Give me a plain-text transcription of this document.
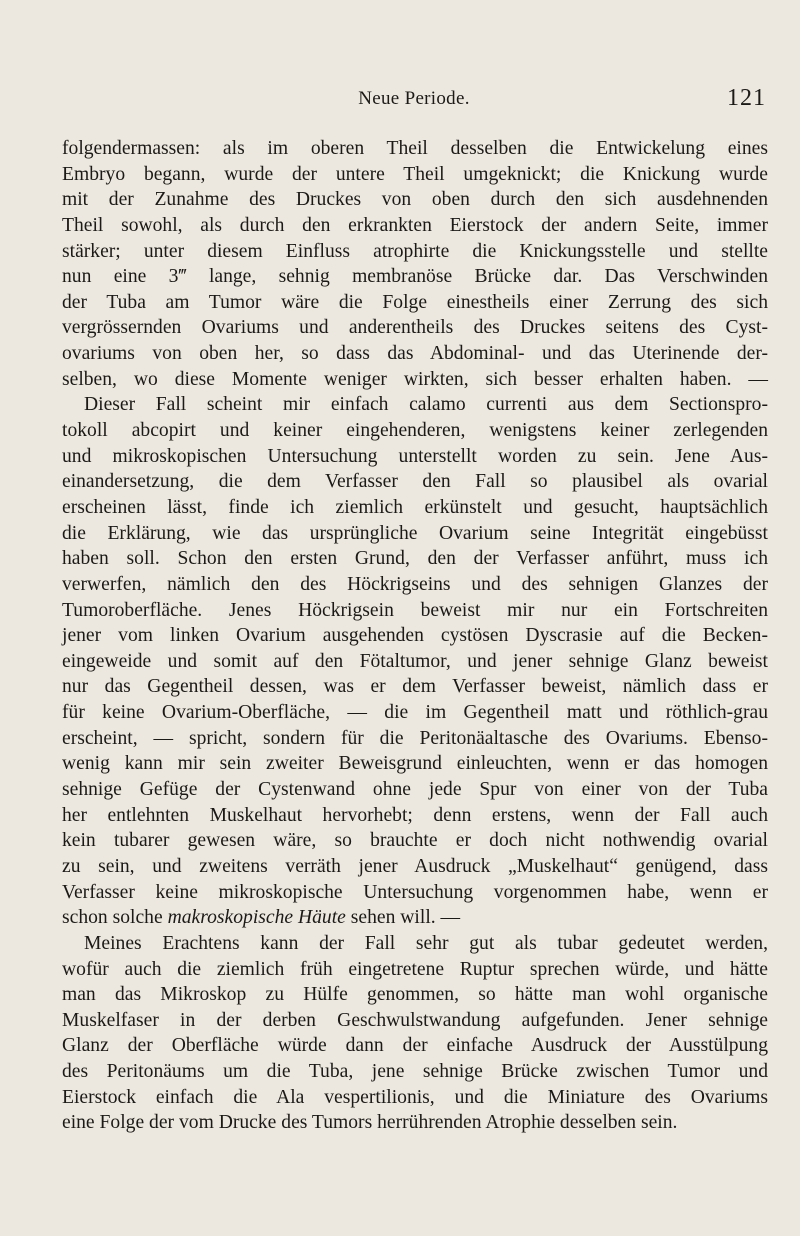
Neue Periode.	121
folgendermassen: als im oberen Theil desselben die Entwickelung eines
Embryo begann, wurde der untere Theil umgeknickt; die Knickung wurde
mit der Zunahme des Druckes von oben durch den sich ausdehnenden
Theil sowohl, als durch den erkrankten Eierstock der andern Seite, immer
stärker; unter diesem Einfluss atrophirte die Knickungsstelle und stellte
nun eine 3‴ lange, sehnig membranöse Brücke dar. Das Verschwinden
der Tuba am Tumor wäre die Folge einestheils einer Zerrung des sich
vergrössernden Ovariums und anderentheils des Druckes seitens des Cyst-
ovariums von oben her, so dass das Abdominal- und das Uterinende der-
selben, wo diese Momente weniger wirkten, sich besser erhalten haben. —
Dieser Fall scheint mir einfach calamo currenti aus dem Sectionspro-
tokoll abcopirt und keiner eingehenderen, wenigstens keiner zerlegenden
und mikroskopischen Untersuchung unterstellt worden zu sein. Jene Aus-
einandersetzung, die dem Verfasser den Fall so plausibel als ovarial
erscheinen lässt, finde ich ziemlich erkünstelt und gesucht, hauptsächlich
die Erklärung, wie das ursprüngliche Ovarium seine Integrität eingebüsst
haben soll. Schon den ersten Grund, den der Verfasser anführt, muss ich
verwerfen, nämlich den des Höckrigseins und des sehnigen Glanzes der
Tumoroberfläche. Jenes Höckrigsein beweist mir nur ein Fortschreiten
jener vom linken Ovarium ausgehenden cystösen Dyscrasie auf die Becken-
eingeweide und somit auf den Fötaltumor, und jener sehnige Glanz beweist
nur das Gegentheil dessen, was er dem Verfasser beweist, nämlich dass er
für keine Ovarium-Oberfläche, — die im Gegentheil matt und röthlich-grau
erscheint, — spricht, sondern für die Peritonäaltasche des Ovariums. Ebenso-
wenig kann mir sein zweiter Beweisgrund einleuchten, wenn er das homogen
sehnige Gefüge der Cystenwand ohne jede Spur von einer von der Tuba
her entlehnten Muskelhaut hervorhebt; denn erstens, wenn der Fall auch
kein tubarer gewesen wäre, so brauchte er doch nicht nothwendig ovarial
zu sein, und zweitens verräth jener Ausdruck „Muskelhaut“ genügend, dass
Verfasser keine mikroskopische Untersuchung vorgenommen habe, wenn er
schon solche makroskopische Häute sehen will. —
Meines Erachtens kann der Fall sehr gut als tubar gedeutet werden,
wofür auch die ziemlich früh eingetretene Ruptur sprechen würde, und hätte
man das Mikroskop zu Hülfe genommen, so hätte man wohl organische
Muskelfaser in der derben Geschwulstwandung aufgefunden. Jener sehnige
Glanz der Oberfläche würde dann der einfache Ausdruck der Ausstülpung
des Peritonäums um die Tuba, jene sehnige Brücke zwischen Tumor und
Eierstock einfach die Ala vespertilionis, und die Miniature des Ovariums
eine Folge der vom Drucke des Tumors herrührenden Atrophie desselben sein.
